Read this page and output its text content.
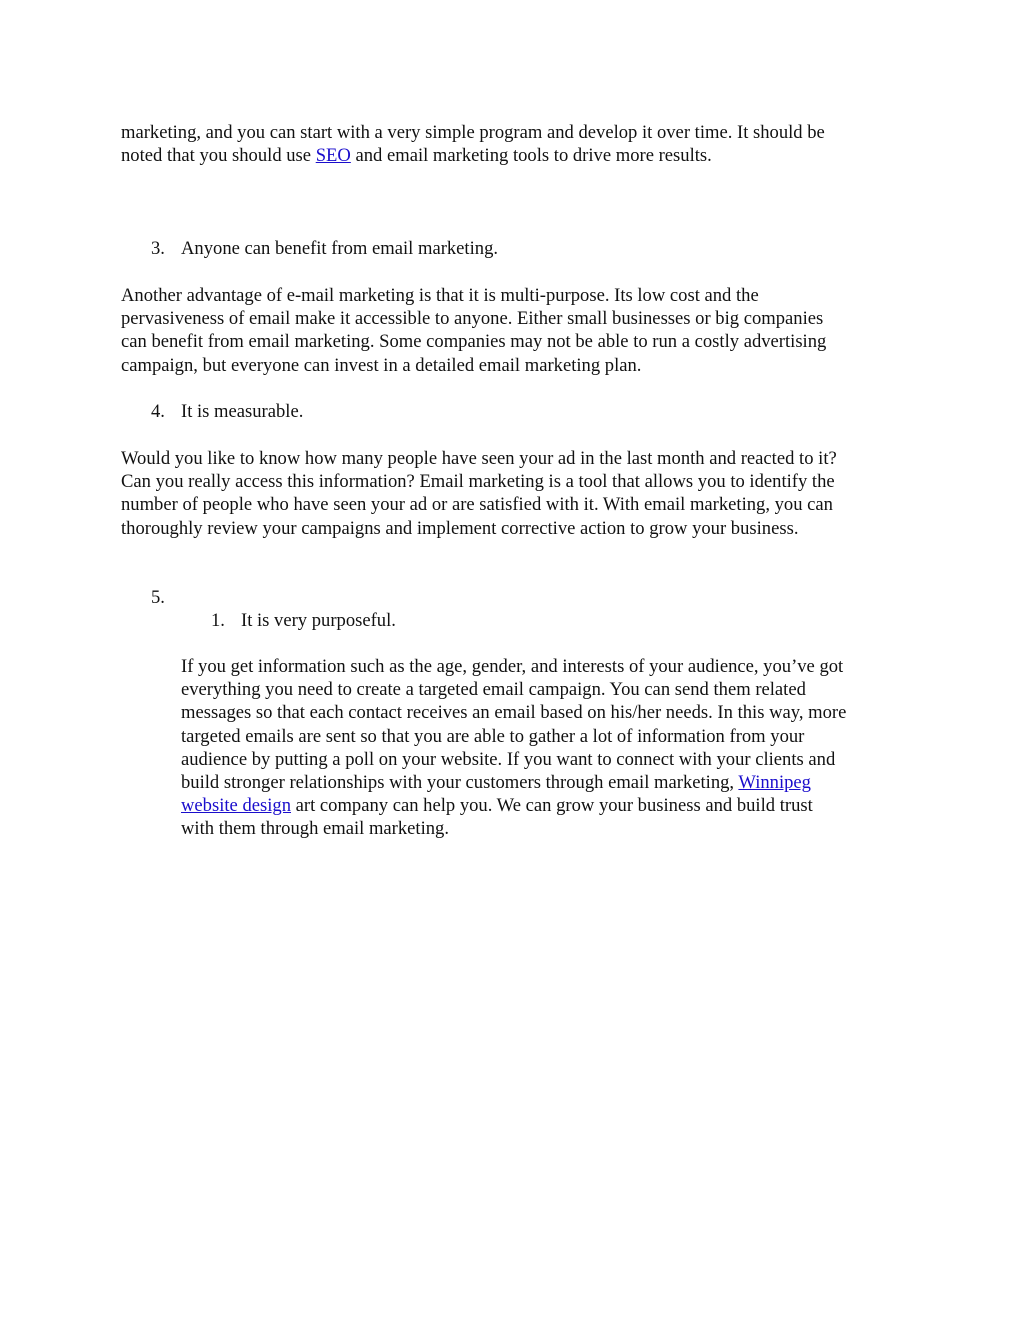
marketing, and you can start with a very simple program and develop it over time. It should be

noted that you should use SEO and email marketing tools to drive more results.

3. Anyone can benefit from email marketing.

Another advantage of e-mail marketing is that it is multi-purpose. Its low cost and the

pervasiveness of email make it accessible to anyone. Either small businesses or big companies

can benefit from email marketing. Some companies may not be able to run a costly advertising

campaign, but everyone can invest in a detailed email marketing plan.

4. It is measurable.

Would you like to know how many people have seen your ad in the last month and reacted to it?

Can you really access this information? Email marketing is a tool that allows you to identify the

number of people who have seen your ad or are satisfied with it. With email marketing, you can

thoroughly review your campaigns and implement corrective action to grow your business.

5.
1. It is very purposeful.

If you get information such as the age, gender, and interests of your audience, you’ve got

everything you need to create a targeted email campaign. You can send them related

messages so that each contact receives an email based on his/her needs. In this way, more

targeted emails are sent so that you are able to gather a lot of information from your

audience by putting a poll on your website. If you want to connect with your clients and

build stronger relationships with your customers through email marketing, Winnipeg

website design art company can help you. We can grow your business and build trust

with them through email marketing.
